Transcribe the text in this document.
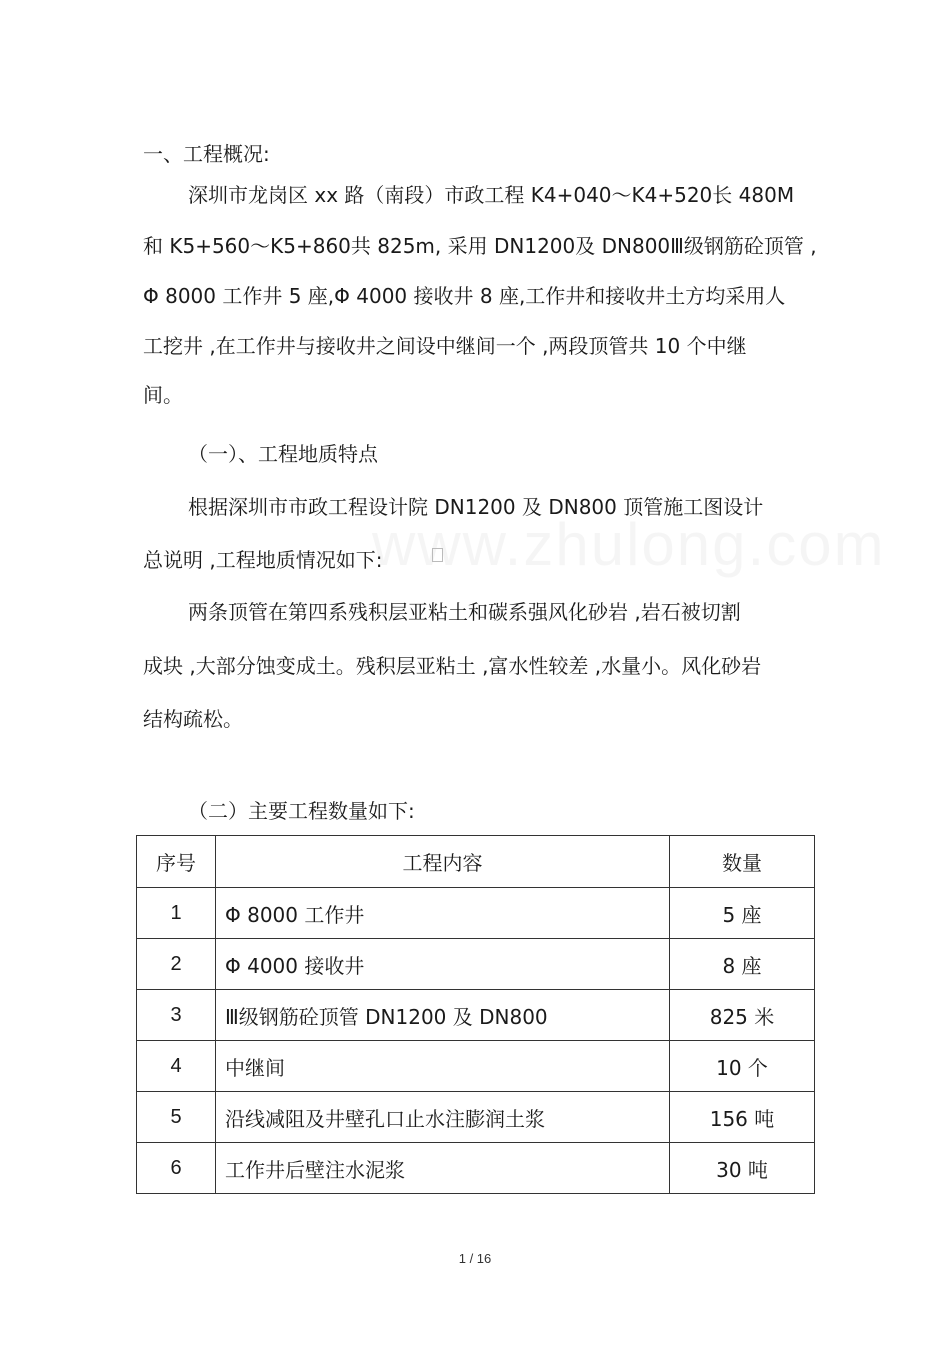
一、工程概况:
深圳市龙岗区 xx 路（南段）市政工程 K4+040～K4+520长 480M
和 K5+560～K5+860共 825m, 采用 DN1200及 DN800Ⅲ级钢筋砼顶管 ,
Φ 8000 工作井 5 座,Φ 4000 接收井 8 座,工作井和接收井土方均采用人
工挖井 ,在工作井与接收井之间设中继间一个 ,两段顶管共 10 个中继
间。
（一）、工程地质特点
根据深圳市市政工程设计院 DN1200 及 DN800 顶管施工图设计
总说明 ,工程地质情况如下:
两条顶管在第四系残积层亚粘土和碳系强风化砂岩 ,岩石被切割
成块 ,大部分蚀变成土。残积层亚粘土 ,富水性较差 ,水量小。风化砂岩
结构疏松。
（二）主要工程数量如下:
序号	工程内容	数量
1	Φ 8000 工作井	5 座
2	Φ 4000 接收井	8 座
3	Ⅲ级钢筋砼顶管 DN1200 及 DN800	825 米
4	中继间	10 个
5	沿线减阻及井壁孔口止水注膨润土浆	156 吨
6	工作井后壁注水泥浆	30 吨
1 / 16
